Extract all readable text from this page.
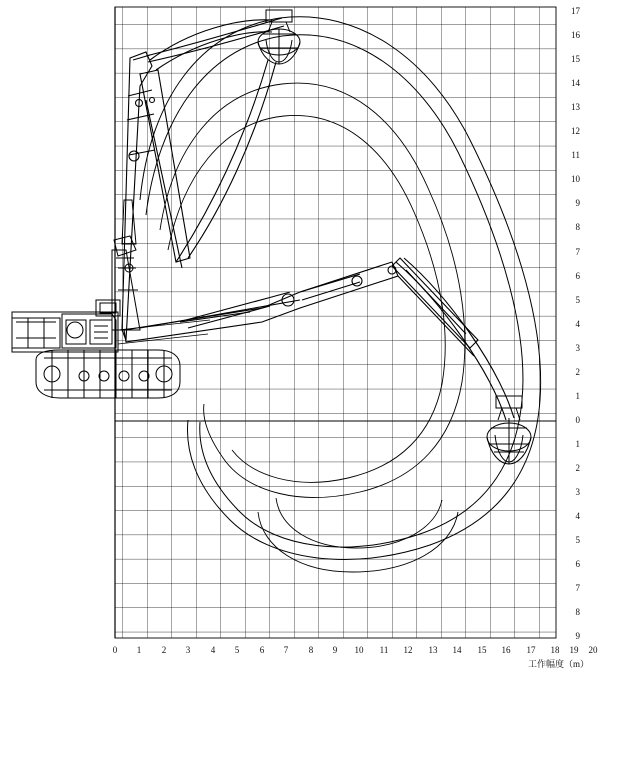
0	1	2	3	4	5	6	7	8	9	10 11 12 13 14 15 16 17 18 19 20
17
16
15
14
13
12
11
10
9
8
7
6
5
4
3
2
1
0
1
2
3
4
5
6
7
8
9
工作幅度（m）
